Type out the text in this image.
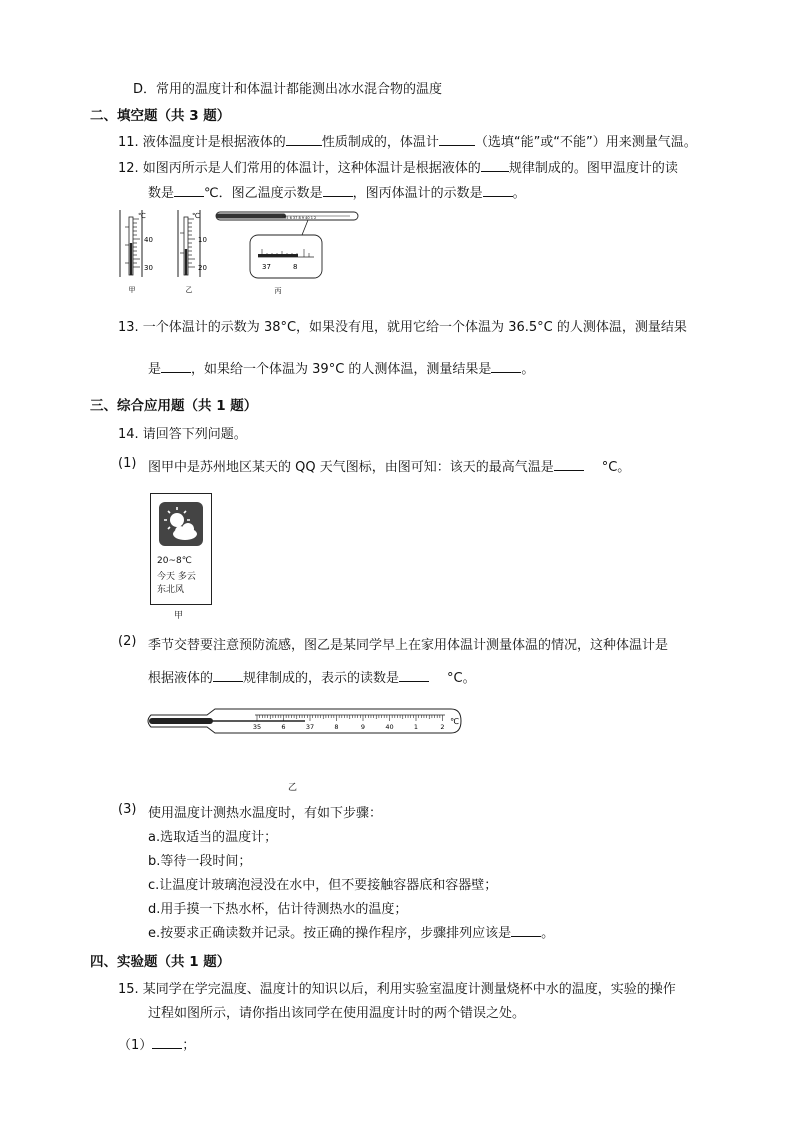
D．常用的温度计和体温计都能测出冰水混合物的温度
二、填空题（共 3 题）
11. 液体温度计是根据液体的	性质制成的，体温计	（选填“能”或“不能”）用来测量气温。
12. 如图丙所示是人们常用的体温计，这种体温计是根据液体的 规律制成的。图甲温度计的读
数是 ℃．图乙温度示数是 ，图丙体温计的示数是 。
℃
40
30
甲
℃
10
20
乙
35 6 37 8 9 40 1 2
37	8
丙
13. 一个体温计的示数为 38°C，如果没有甩，就用它给一个体温为 36.5°C 的人测体温，测量结果
是 ，如果给一个体温为 39°C 的人测体温，测量结果是 。
三、综合应用题（共 1 题）
14. 请回答下列问题。
(1) 图甲中是苏州地区某天的 QQ 天气图标，由图可知：该天的最高气温是	°C。
20~8℃
今天 多云
东北风
甲
(2) 季节交替要注意预防流感，图乙是某同学早上在家用体温计测量体温的情况，这种体温计是
根据液体的 规律制成的，表示的读数是	°C。
35	6	37	8	9	40	1	2
℃
乙
(3) 使用温度计测热水温度时，有如下步骤：
a.选取适当的温度计；
b.等待一段时间；
c.让温度计玻璃泡浸没在水中，但不要接触容器底和容器壁；
d.用手摸一下热水杯，估计待测热水的温度；
e.按要求正确读数并记录。按正确的操作程序，步骤排列应该是 。
四、实验题（共 1 题）
15. 某同学在学完温度、温度计的知识以后，利用实验室温度计测量烧杯中水的温度，实验的操作
过程如图所示，请你指出该同学在使用温度计时的两个错误之处。
（1） ；
